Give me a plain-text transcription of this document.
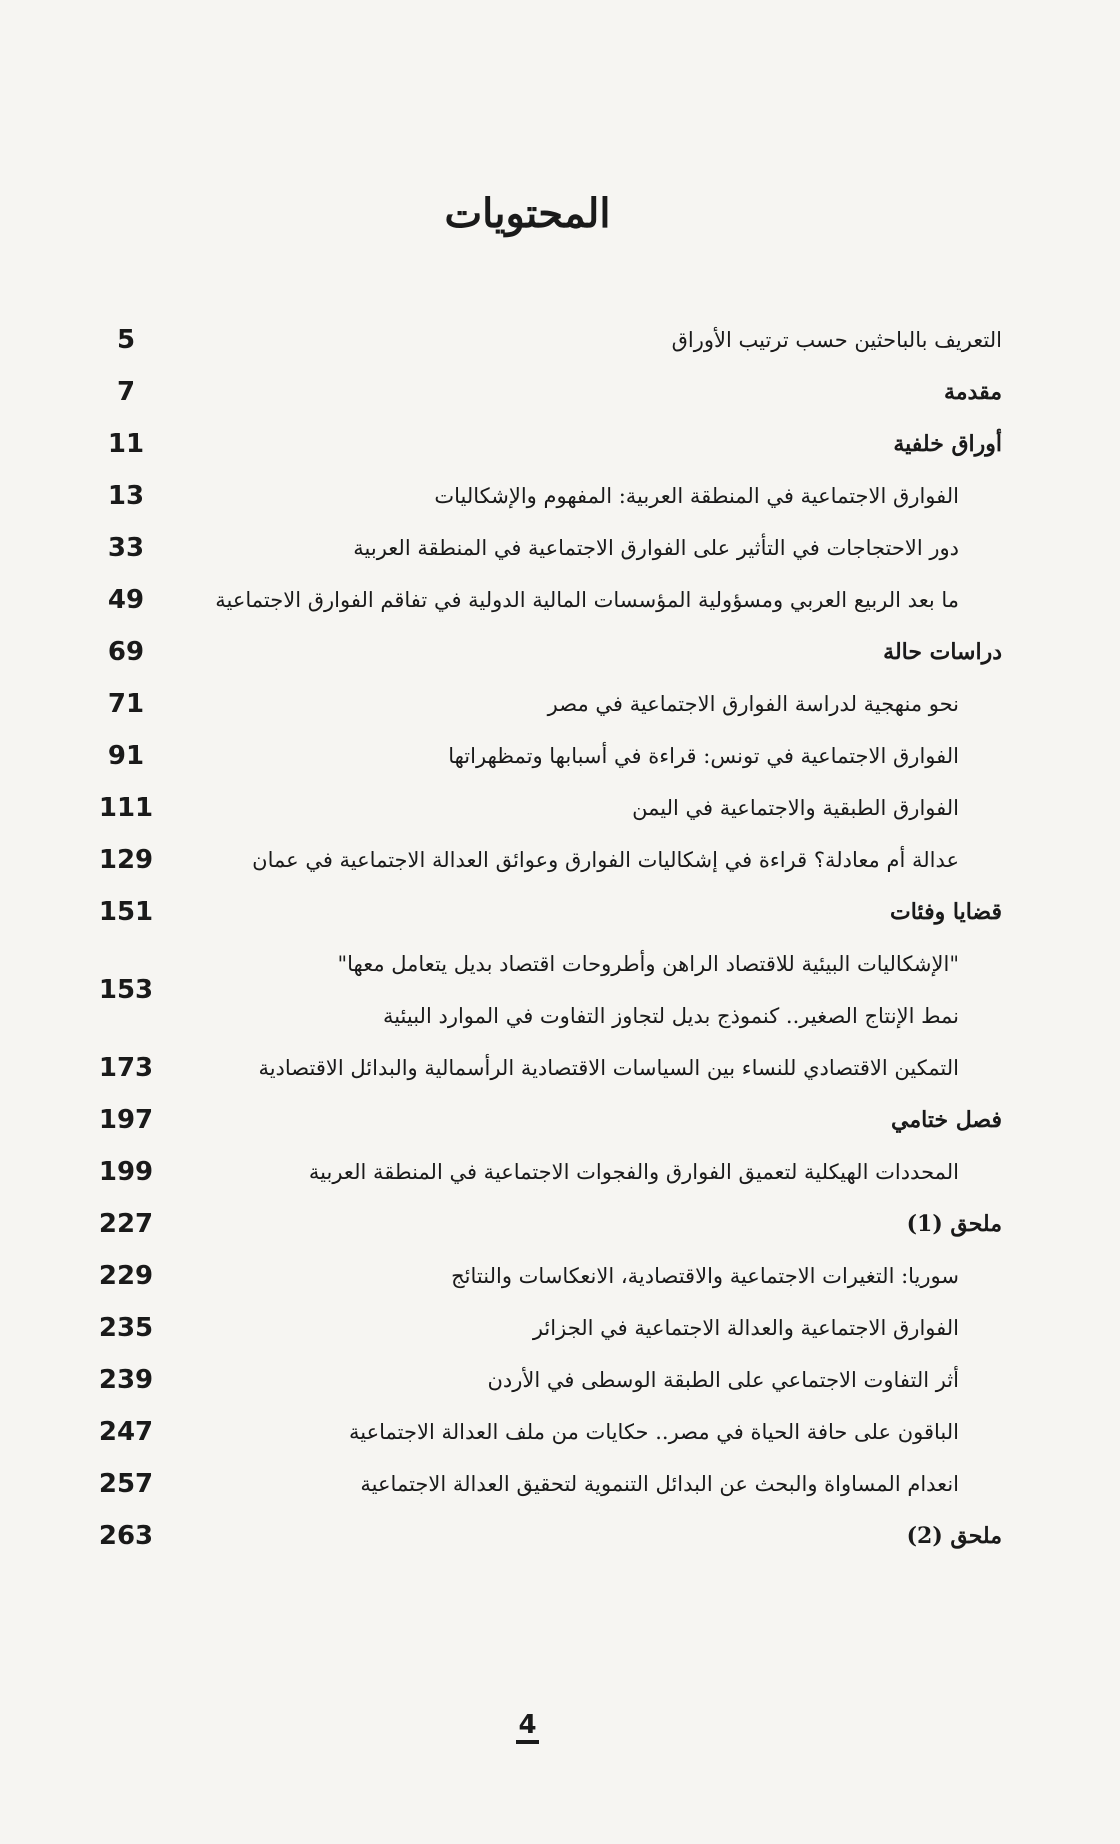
المحتويات
التعريف بالباحثين حسب ترتيب الأوراق
5
مقدمة
7
أوراق خلفية
11
الفوارق الاجتماعية في المنطقة العربية: المفهوم والإشكاليات
13
دور الاحتجاجات في التأثير على الفوارق الاجتماعية في المنطقة العربية
33
ما بعد الربيع العربي ومسؤولية المؤسسات المالية الدولية في تفاقم الفوارق الاجتماعية
49
دراسات حالة
69
نحو منهجية لدراسة الفوارق الاجتماعية في مصر
71
الفوارق الاجتماعية في تونس: قراءة في أسبابها وتمظهراتها
91
الفوارق الطبقية والاجتماعية في اليمن
111
عدالة أم معادلة؟ قراءة في إشكاليات الفوارق وعوائق العدالة الاجتماعية في عمان
129
قضايا وفئات
151
"الإشكاليات البيئية للاقتصاد الراهن وأطروحات اقتصاد بديل يتعامل معها"
نمط الإنتاج الصغير.. كنموذج بديل لتجاوز التفاوت في الموارد البيئية
153
التمكين الاقتصادي للنساء بين السياسات الاقتصادية الرأسمالية والبدائل الاقتصادية
173
فصل ختامي
197
المحددات الهيكلية لتعميق الفوارق والفجوات الاجتماعية في المنطقة العربية
199
ملحق (1)
227
سوريا: التغيرات الاجتماعية والاقتصادية، الانعكاسات والنتائج
229
الفوارق الاجتماعية والعدالة الاجتماعية في الجزائر
235
أثر التفاوت الاجتماعي على الطبقة الوسطى في الأردن
239
الباقون على حافة الحياة في مصر.. حكايات من ملف العدالة الاجتماعية
247
انعدام المساواة والبحث عن البدائل التنموية لتحقيق العدالة الاجتماعية
257
ملحق (2)
263
4
